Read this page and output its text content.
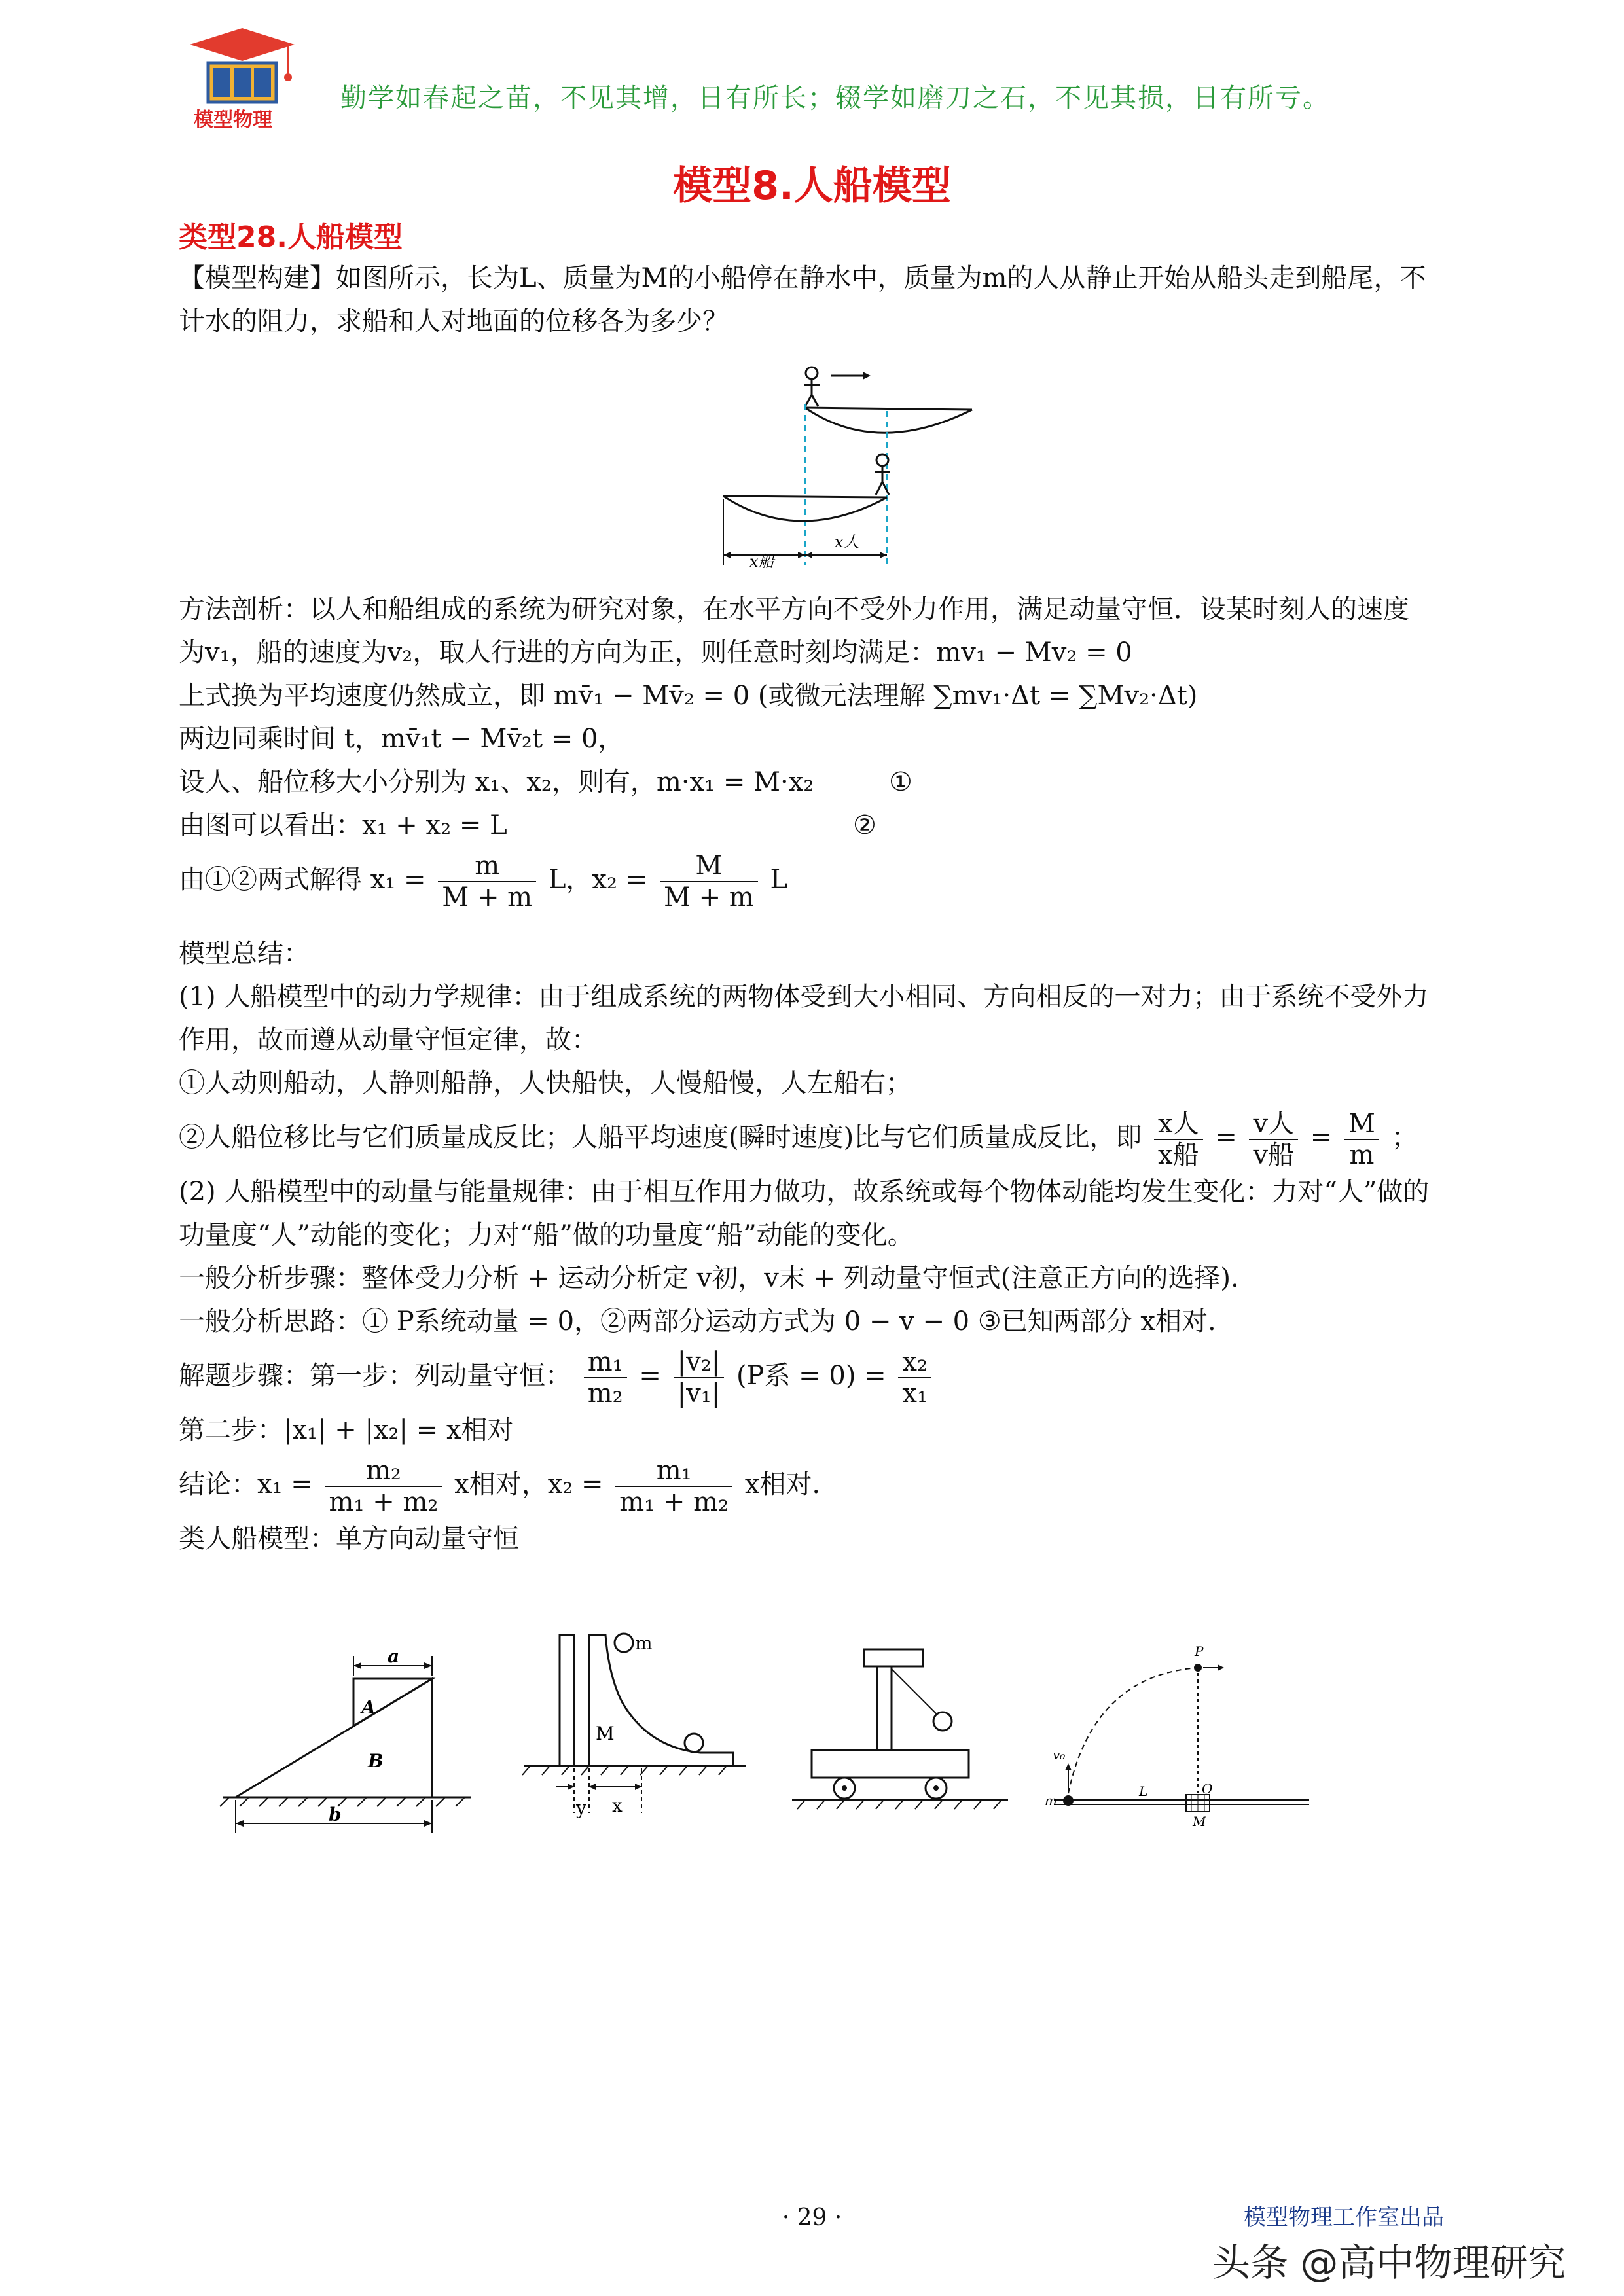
模型物理
勤学如春起之苗，不见其增，日有所长；辍学如磨刀之石，不见其损，日有所亏。
模型8.人船模型
类型28.人船模型
【模型构建】如图所示，长为L、质量为M的小船停在静水中，质量为m的人从静止开始从船头走到船尾，不
计水的阻力，求船和人对地面的位移各为多少？
x船
x人
方法剖析：以人和船组成的系统为研究对象，在水平方向不受外力作用，满足动量守恒．设某时刻人的速度
为v₁，船的速度为v₂，取人行进的方向为正，则任意时刻均满足：mv₁ − Mv₂ = 0
上式换为平均速度仍然成立，即 mv̄₁ − Mv̄₂ = 0 (或微元法理解 ∑mv₁·Δt = ∑Mv₂·Δt)
两边同乘时间 t，mv̄₁t − Mv̄₂t = 0，
设人、船位移大小分别为 x₁、x₂，则有，m·x₁ = M·x₂	①
由图可以看出：x₁ + x₂ = L	②
由①②两式解得 $x_1 = \frac{m}{M + m}$ L，$x_2 = \frac{M}{M + m}$ L
模型总结：
(1) 人船模型中的动力学规律：由于组成系统的两物体受到大小相同、方向相反的一对力；由于系统不受外力
作用，故而遵从动量守恒定律，故：
①人动则船动，人静则船静，人快船快，人慢船慢，人左船右；
②人船位移比与它们质量成反比；人船平均速度(瞬时速度)比与它们质量成反比，即 $\frac{\text{x人}}{\text{x船}} = \frac{\text{v人}}{\text{v船}} = \frac{M}{m}$ ；
(2) 人船模型中的动量与能量规律：由于相互作用力做功，故系统或每个物体动能均发生变化：力对“人”做的
功量度“人”动能的变化；力对“船”做的功量度“船”动能的变化。
一般分析步骤：整体受力分析 + 运动分析定 v初，v末 + 列动量守恒式(注意正方向的选择).
一般分析思路：① P系统动量 = 0，②两部分运动方式为 0 − v − 0 ③已知两部分 x相对.
解题步骤：第一步：列动量守恒： $\frac{\text{m₁}}{\text{m₂}} = \frac{\text{|v₂|}}{\text{|v₁|}} (P$系 = $0) = \frac{\text{x₂}}{\text{x₁}}$
第二步：|x₁| + |x₂| = x相对
结论：$x_1 = \frac{\text{m₂}}{\text{m₁ + m₂}}$ x相对，$x_2 = \frac{\text{m₁}}{\text{m₁ + m₂}}$ x相对.
类人船模型：单方向动量守恒
a
A
B
b
m
M
y x
P
v₀
m
L	O
M
· 29 ·	模型物理工作室出品
头条 @高中物理研究
